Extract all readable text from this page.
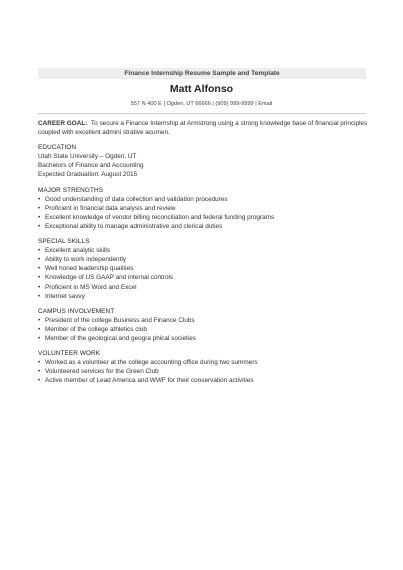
Finance Internship Resume Sample and Template
Matt Alfonso
557 N 400 E | Ogden, UT 66666 | (909) 999-9999 | Email

CAREER GOAL: To secure a Finance Internship at Armstrong using a strong knowledge base of financial principles coupled with excellent admini strative acumen.

EDUCATION

Utah State University – Ogden, UT

Bachelors of Finance and Accounting

Expected Graduation: August 2015

MAJOR STRENGTHS

• Good understanding of data collection and validation procedures
• Proficient in financial data analysis and review
• Excellent knowledge of vendor billing reconciliation and federal funding programs
• Exceptional ability to manage administrative and clerical duties

SPECIAL SKILLS

• Excellent analytic skills
• Ability to work independently
• Well honed leadership qualities
• Knowledge of US GAAP and internal controls
• Proficient in MS Word and Excel
• Internet savvy

CAMPUS INVOLVEMENT

• President of the college Business and Finance Clubs
• Member of the college athletics club
• Member of the geological and geogra phical societies

VOLUNTEER WORK

• Worked as a volunteer at the college accounting office during two summers
• Volunteered services for the Green Club
• Active member of Lead America and WWF for their conservation activities
